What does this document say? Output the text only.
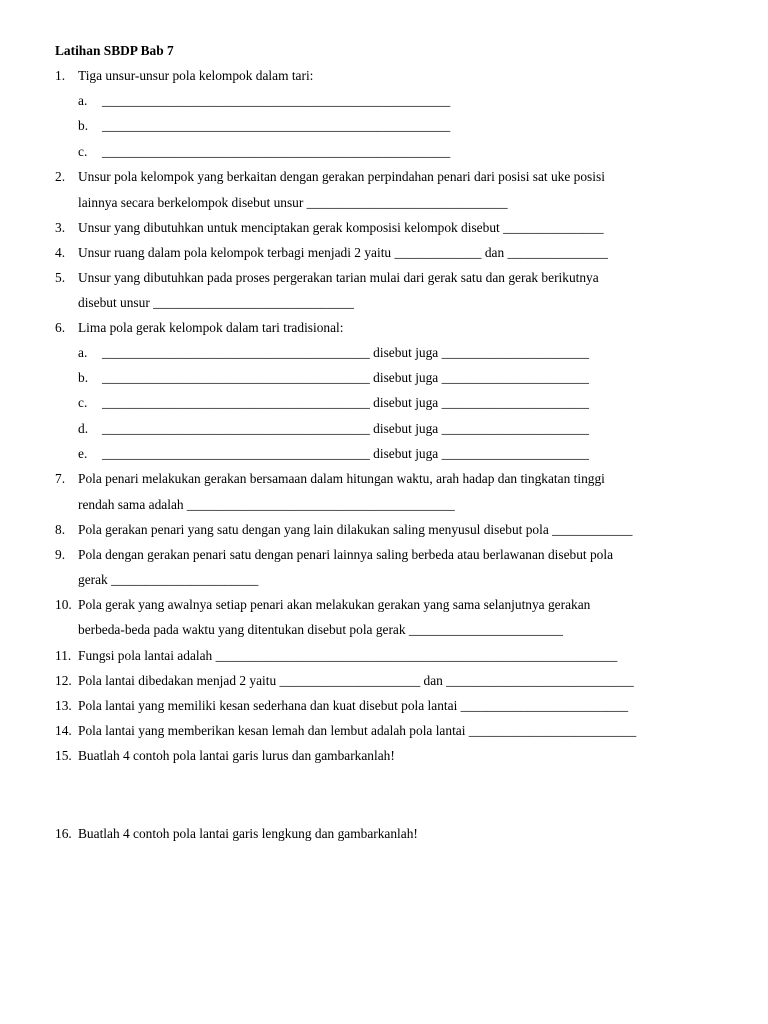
Latihan SBDP Bab 7
1. Tiga unsur-unsur pola kelompok dalam tari:
a. ____________________________________________________
b. ____________________________________________________
c. ____________________________________________________
2. Unsur pola kelompok yang berkaitan dengan gerakan perpindahan penari dari posisi sat uke posisi
lainnya secara berkelompok disebut unsur ______________________________
3. Unsur yang dibutuhkan untuk menciptakan gerak komposisi kelompok disebut _______________
4. Unsur ruang dalam pola kelompok terbagi menjadi 2 yaitu _____________ dan _______________
5. Unsur yang dibutuhkan pada proses pergerakan tarian mulai dari gerak satu dan gerak berikutnya
disebut unsur ______________________________
6. Lima pola gerak kelompok dalam tari tradisional:
a. ________________________________________ disebut juga ______________________
b. ________________________________________ disebut juga ______________________
c. ________________________________________ disebut juga ______________________
d. ________________________________________ disebut juga ______________________
e. ________________________________________ disebut juga ______________________
7. Pola penari melakukan gerakan bersamaan dalam hitungan waktu, arah hadap dan tingkatan tinggi
rendah sama adalah ________________________________________
8. Pola gerakan penari yang satu dengan yang lain dilakukan saling menyusul disebut pola ____________
9. Pola dengan gerakan penari satu dengan penari lainnya saling berbeda atau berlawanan disebut pola
gerak ______________________
10. Pola gerak yang awalnya setiap penari akan melakukan gerakan yang sama selanjutnya gerakan
berbeda-beda pada waktu yang ditentukan disebut pola gerak _______________________
11. Fungsi pola lantai adalah ____________________________________________________________
12. Pola lantai dibedakan menjad 2 yaitu _____________________ dan ____________________________
13. Pola lantai yang memiliki kesan sederhana dan kuat disebut pola lantai _________________________
14. Pola lantai yang memberikan kesan lemah dan lembut adalah pola lantai _________________________
15. Buatlah 4 contoh pola lantai garis lurus dan gambarkanlah!
16. Buatlah 4 contoh pola lantai garis lengkung dan gambarkanlah!
